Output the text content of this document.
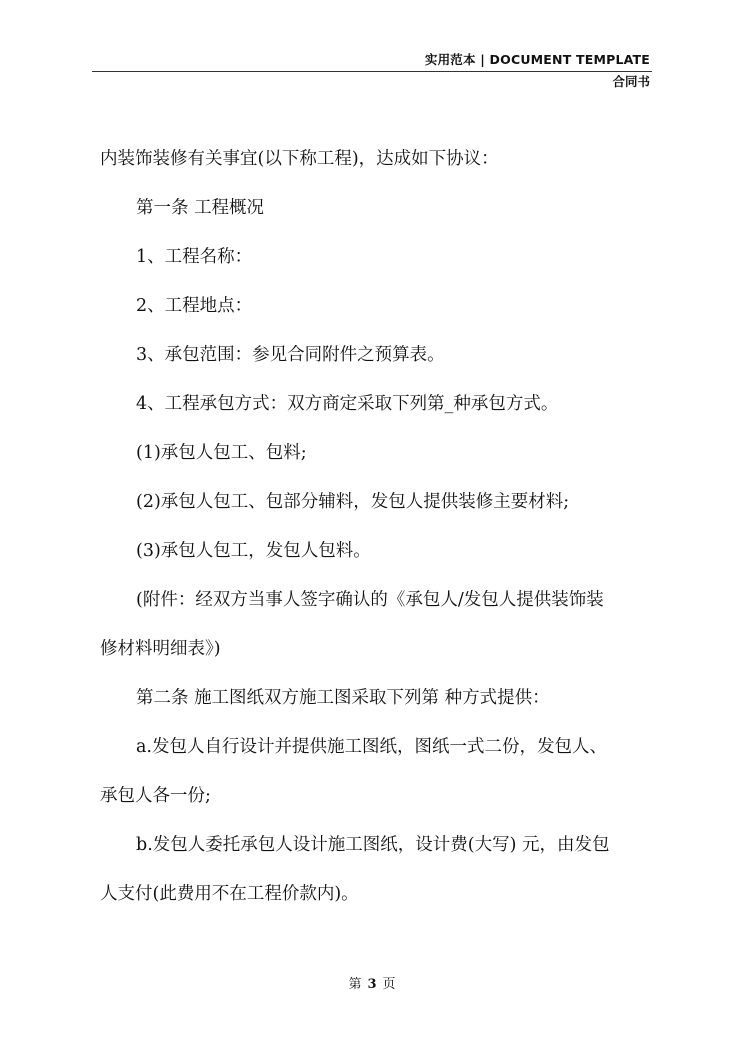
实用范本 | DOCUMENT TEMPLATE
合同书

内装饰装修有关事宜(以下称工程)，达成如下协议：

第一条 工程概况

1、工程名称：

2、工程地点：

3、承包范围：参见合同附件之预算表。

4、工程承包方式：双方商定采取下列第_种承包方式。

(1)承包人包工、包料;

(2)承包人包工、包部分辅料，发包人提供装修主要材料;

(3)承包人包工，发包人包料。

(附件：经双方当事人签字确认的《承包人/发包人提供装饰装

修材料明细表》)

第二条 施工图纸双方施工图采取下列第 种方式提供：

a.发包人自行设计并提供施工图纸，图纸一式二份，发包人、

承包人各一份;

b.发包人委托承包人设计施工图纸，设计费(大写) 元，由发包

人支付(此费用不在工程价款内)。

第 3 页
